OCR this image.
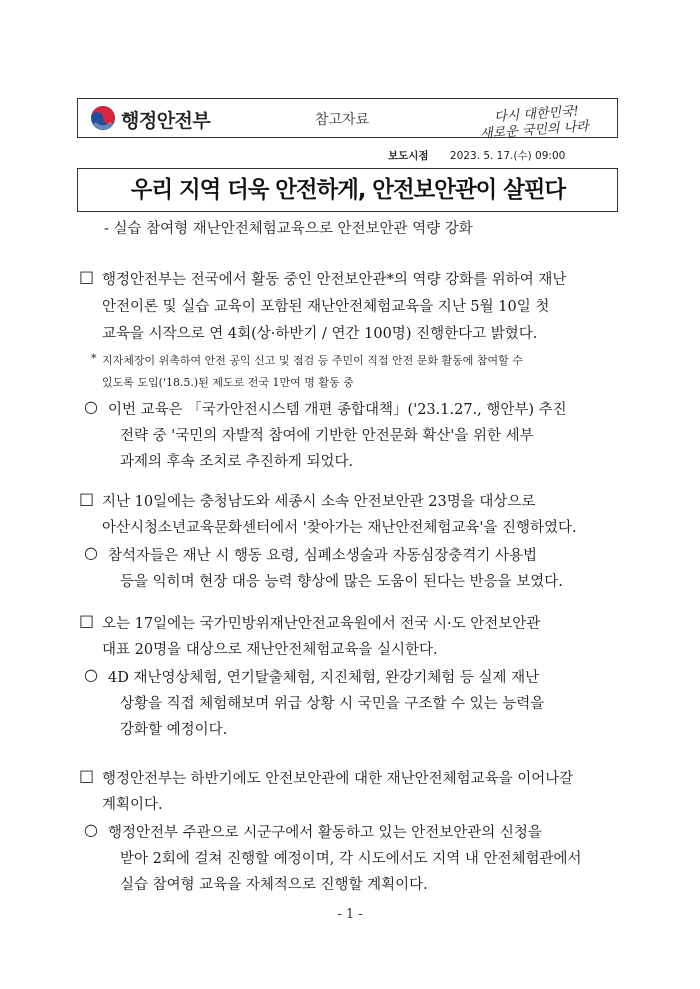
행정안전부	참고자료	다시 대한민국!
새로운 국민의 나라
보도시점 2023. 5. 17.(수) 09:00
우리 지역 더욱 안전하게, 안전보안관이 살핀다
- 실습 참여형 재난안전체험교육으로 안전보안관 역량 강화
□ 행정안전부는 전국에서 활동 중인 안전보안관*의 역량 강화를 위하여 재난
안전이론 및 실습 교육이 포함된 재난안전체험교육을 지난 5월 10일 첫
교육을 시작으로 연 4회(상·하반기 / 연간 100명) 진행한다고 밝혔다.
* 지자체장이 위촉하여 안전 공익 신고 및 점검 등 주민이 직접 안전 문화 활동에 참여할 수
있도록 도입('18.5.)된 제도로 전국 1만여 명 활동 중
○ 이번 교육은 「국가안전시스템 개편 종합대책」('23.1.27., 행안부) 추진
전략 중 '국민의 자발적 참여에 기반한 안전문화 확산'을 위한 세부
과제의 후속 조치로 추진하게 되었다.
□ 지난 10일에는 충청남도와 세종시 소속 안전보안관 23명을 대상으로
아산시청소년교육문화센터에서 '찾아가는 재난안전체험교육'을 진행하였다.
○ 참석자들은 재난 시 행동 요령, 심폐소생술과 자동심장충격기 사용법
등을 익히며 현장 대응 능력 향상에 많은 도움이 된다는 반응을 보였다.
□ 오는 17일에는 국가민방위재난안전교육원에서 전국 시·도 안전보안관
대표 20명을 대상으로 재난안전체험교육을 실시한다.
○ 4D 재난영상체험, 연기탈출체험, 지진체험, 완강기체험 등 실제 재난
상황을 직접 체험해보며 위급 상황 시 국민을 구조할 수 있는 능력을
강화할 예정이다.
□ 행정안전부는 하반기에도 안전보안관에 대한 재난안전체험교육을 이어나갈
계획이다.
○ 행정안전부 주관으로 시군구에서 활동하고 있는 안전보안관의 신청을
받아 2회에 걸쳐 진행할 예정이며, 각 시도에서도 지역 내 안전체험관에서
실습 참여형 교육을 자체적으로 진행할 계획이다.
- 1 -
